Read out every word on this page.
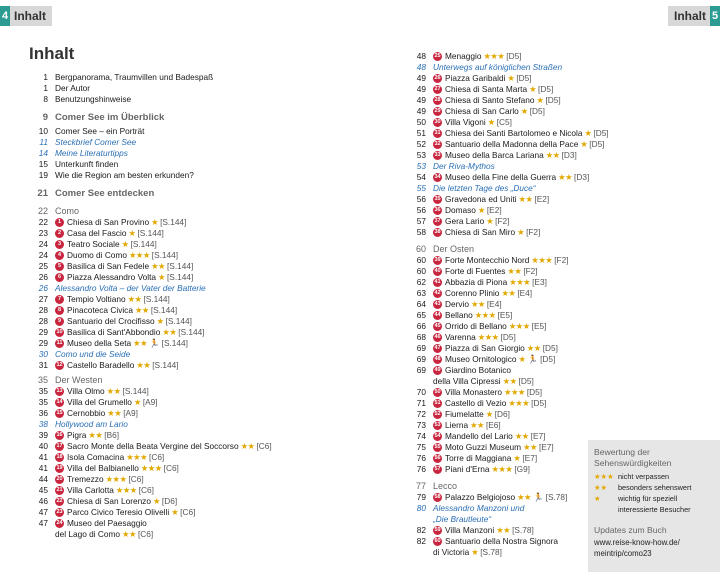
4 Inhalt	Inhalt 5
Inhalt
1 Bergpanorama, Traumvillen und Badespaß
1 Der Autor
8 Benutzungshinweise
9 Comer See im Überblick
10 Comer See – ein Porträt
11 Steckbrief Comer See
14 Meine Literaturtipps
15 Unterkunft finden
19 Wie die Region am besten erkunden?
21 Comer See entdecken
22 Como
22	1 Chiesa di San Provino ★ [S.144]
23	2 Casa del Fascio ★ [S.144]
24	3 Teatro Sociale ★ [S.144]
24	4 Duomo di Como ★★★ [S.144]
25	5 Basilica di San Fedele ★★ [S.144]
26	6 Piazza Alessandro Volta ★ [S.144]
26 Alessandro Volta – der Vater der Batterie
27	7 Tempio Voltiano ★★ [S.144]
28	8 Pinacoteca Civica ★★ [S.144]
28	9 Santuario del Crocifisso ★ [S.144]
29 10 Basilica di Sant'Abbondio ★★ [S.144]
29 11 Museo della Seta ★★ 🏃 [S.144]
30 Como und die Seide
31 12 Castello Baradello ★★ [S.144]
35 Der Westen
35 13 Villa Olmo ★★ [S.144]
35 14 Villa del Grumello ★ [A9]
36 15 Cernobbio ★★ [A9]
38 Hollywood am Lario
39 16 Pigra ★★ [B6]
40 17 Sacro Monte della Beata Vergine del Soccorso ★★ [C6]
41 18 Isola Comacina ★★★ [C6]
41 19 Villa del Balbianello ★★★ [C6]
44 20 Tremezzo ★★★ [C6]
45 21 Villa Carlotta ★★★ [C6]
46 22 Chiesa di San Lorenzo ★ [D6]
47 23 Parco Civico Teresio Olivelli ★ [C6]
47 24 Museo del Paesaggio
del Lago di Como ★★ [C6]
48 25 Menaggio ★★★ [D5]
48 Unterwegs auf königlichen Straßen
49 26 Piazza Garibaldi ★ [D5]
49 27 Chiesa di Santa Marta ★ [D5]
49 28 Chiesa di Santo Stefano ★ [D5]
49 29 Chiesa di San Carlo ★ [D5]
50 30 Villa Vigoni ★ [C5]
51 31 Chiesa dei Santi Bartolomeo e Nicola ★ [D5]
52 32 Santuario della Madonna della Pace ★ [D5]
53 33 Museo della Barca Lariana ★★ [D3]
53 Der Riva-Mythos
54 34 Museo della Fine della Guerra ★★ [D3]
55 Die letzten Tage des „Duce“
56 35 Gravedona ed Uniti ★★ [E2]
56 36 Domaso ★ [E2]
57 37 Gera Lario ★ [F2]
58 38 Chiesa di San Miro ★ [F2]
60 Der Osten
60 39 Forte Montecchio Nord ★★★ [F2]
60 40 Forte di Fuentes ★★ [F2]
62 41 Abbazia di Piona ★★★ [E3]
63 42 Corenno Plinio ★★ [E4]
64 43 Dervio ★★ [E4]
65 44 Bellano ★★★ [E5]
66 45 Orrido di Bellano ★★★ [E5]
68 46 Varenna ★★★ [D5]
69 47 Piazza di San Giorgio ★★ [D5]
69 48 Museo Ornitologico ★ 🏃 [D5]
69 49 Giardino Botanico
della Villa Cipressi ★★ [D5]
70 50 Villa Monastero ★★★ [D5]
71 51 Castello di Vezio ★★★ [D5]
72 52 Fiumelatte ★ [D6]
73 53 Lierna ★★ [E6]
74 54 Mandello del Lario ★★ [E7]
75 55 Moto Guzzi Museum ★★ [E7]
76 56 Torre di Maggiana ★ [E7]
76 57 Piani d'Erna ★★★ [G9]
77 Lecco
79 58 Palazzo Belgiojoso ★★ 🏃 [S.78]
80 Alessandro Manzoni und
„Die Brautleute“
82 59 Villa Manzoni ★★ [S.78]
82 60 Santuario della Nostra Signora
di Victoria ★ [S.78]
Bewertung der
Sehenswürdigkeiten
★★★ nicht verpassen
★★ besonders sehenswert
★ wichtig für speziell
interessierte Besucher
Updates zum Buch
www.reise-know-how.de/
meintrip/como23
